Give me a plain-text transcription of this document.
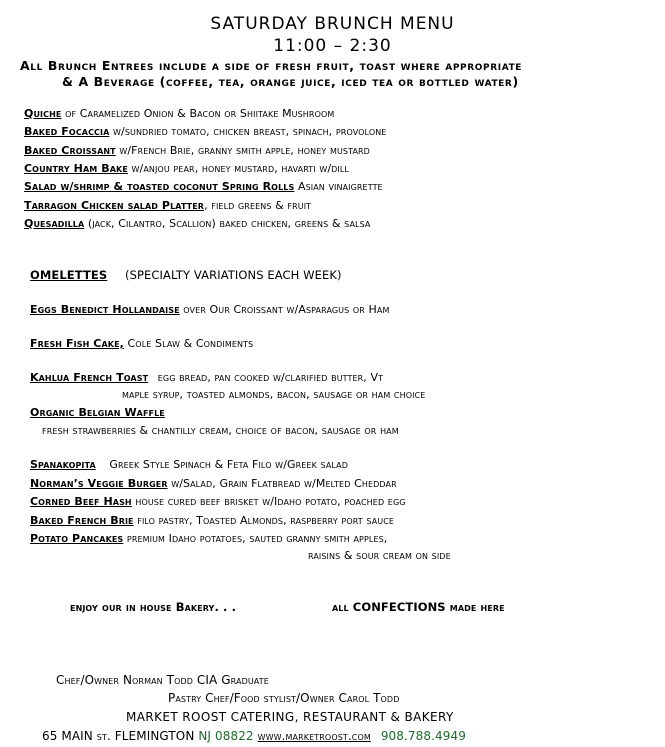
SATURDAY BRUNCH MENU
11:00 – 2:30
All Brunch Entrees include a side of fresh fruit, toast where appropriate
& A Beverage (coffee, tea, orange juice, iced tea or bottled water)
Quiche of Caramelized Onion & Bacon or Shiitake Mushroom
Baked Focaccia w/sundried tomato, chicken breast, spinach, provolone
Baked Croissant w/French Brie, granny smith apple, honey mustard
Country Ham Bake w/anjou pear, honey mustard, havarti w/dill
Salad w/shrimp & toasted coconut Spring Rolls Asian vinaigrette
Tarragon Chicken salad Platter, field greens & fruit
Quesadilla (jack, Cilantro, Scallion) baked chicken, greens & salsa
OMELETTES (SPECIALTY VARIATIONS EACH WEEK)
Eggs Benedict Hollandaise over Our Croissant w/Asparagus or Ham
Fresh Fish Cake, Cole Slaw & Condiments
Kahlua French Toast egg bread, pan cooked w/clarified butter, Vt
maple syrup, toasted almonds, bacon, sausage or ham choice
Organic Belgian Waffle
fresh strawberries & chantilly cream, choice of bacon, sausage or ham
Spanakopita Greek Style Spinach & Feta Filo w/Greek salad
Norman’s Veggie Burger w/Salad, Grain Flatbread w/Melted Cheddar
Corned Beef Hash house cured beef brisket w/Idaho potato, poached egg
Baked French Brie filo pastry, Toasted Almonds, raspberry port sauce
Potato Pancakes premium Idaho potatoes, sauted granny smith apples,
raisins & sour cream on side
enjoy our in house Bakery. . .	all CONFECTIONS made here
Chef/Owner Norman Todd CIA Graduate
Pastry Chef/Food stylist/Owner Carol Todd
MARKET ROOST CATERING, RESTAURANT & BAKERY
65 MAIN st. FLEMINGTON NJ 08822 www.marketroost.com 908.788.4949
